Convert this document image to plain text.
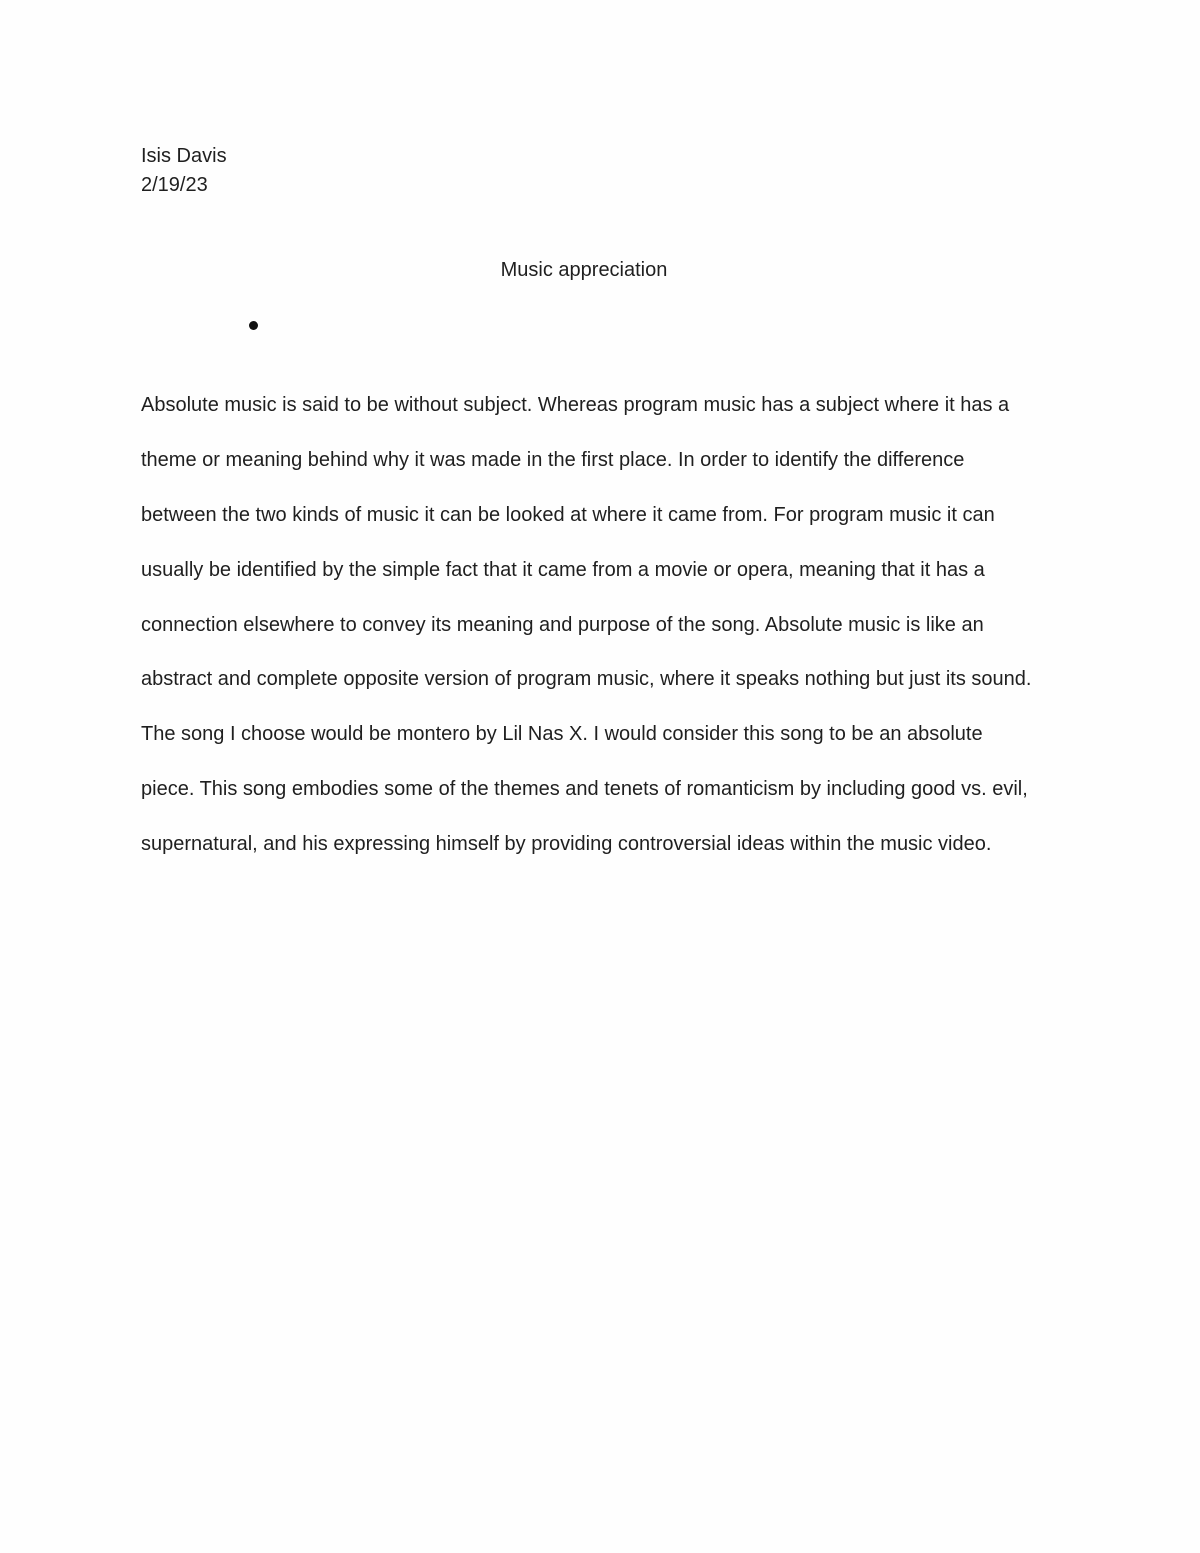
Isis Davis
2/19/23
Music appreciation

Absolute music is said to be without subject. Whereas program music has a subject where it has a

theme or meaning behind why it was made in the first place. In order to identify the difference

between the two kinds of music it can be looked at where it came from. For program music it can

usually be identified by the simple fact that it came from a movie or opera, meaning that it has a

connection elsewhere to convey its meaning and purpose of the song. Absolute music is like an

abstract and complete opposite version of program music, where it speaks nothing but just its sound.

The song I choose would be montero by Lil Nas X. I would consider this song to be an absolute

piece. This song embodies some of the themes and tenets of romanticism by including good vs. evil,

supernatural, and his expressing himself by providing controversial ideas within the music video.
